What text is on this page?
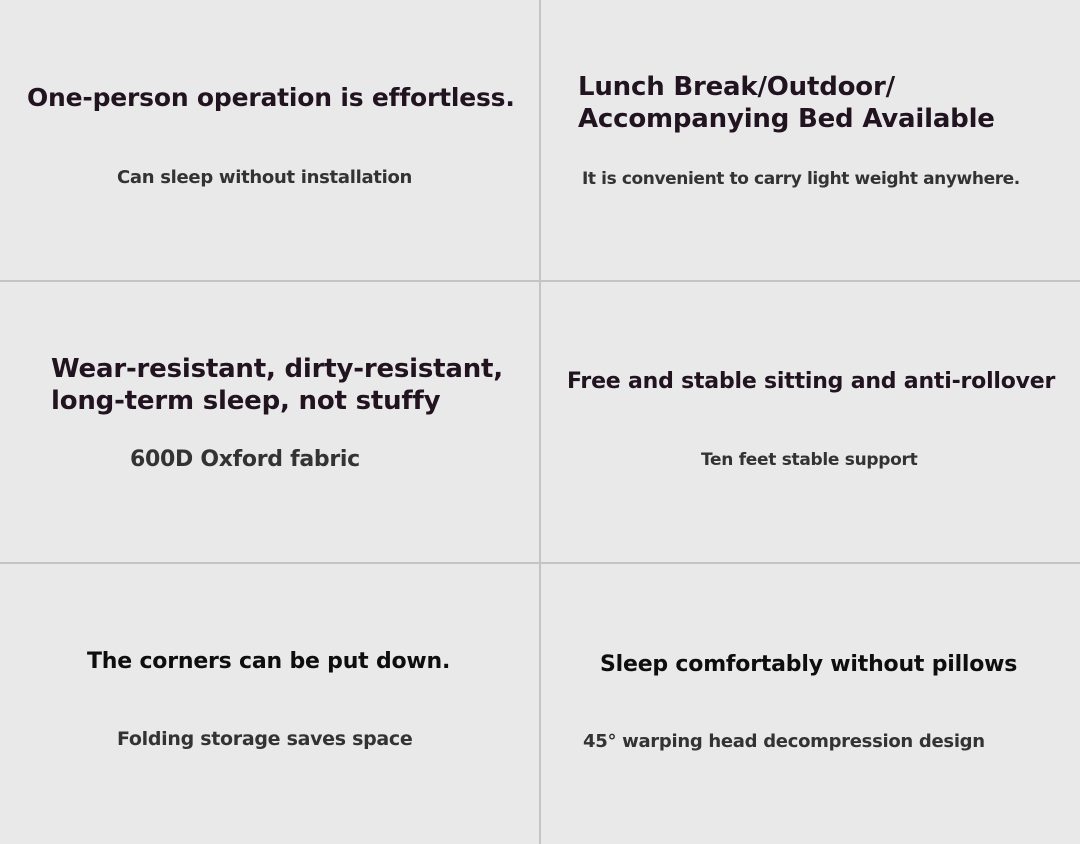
One-person operation is effortless.
Can sleep without installation
Lunch Break/Outdoor/
Accompanying Bed Available
It is convenient to carry light weight anywhere.
Wear-resistant, dirty-resistant,
long-term sleep, not stuffy
600D Oxford fabric
Free and stable sitting and anti-rollover
Ten feet stable support
The corners can be put down.
Folding storage saves space
Sleep comfortably without pillows
45° warping head decompression design
